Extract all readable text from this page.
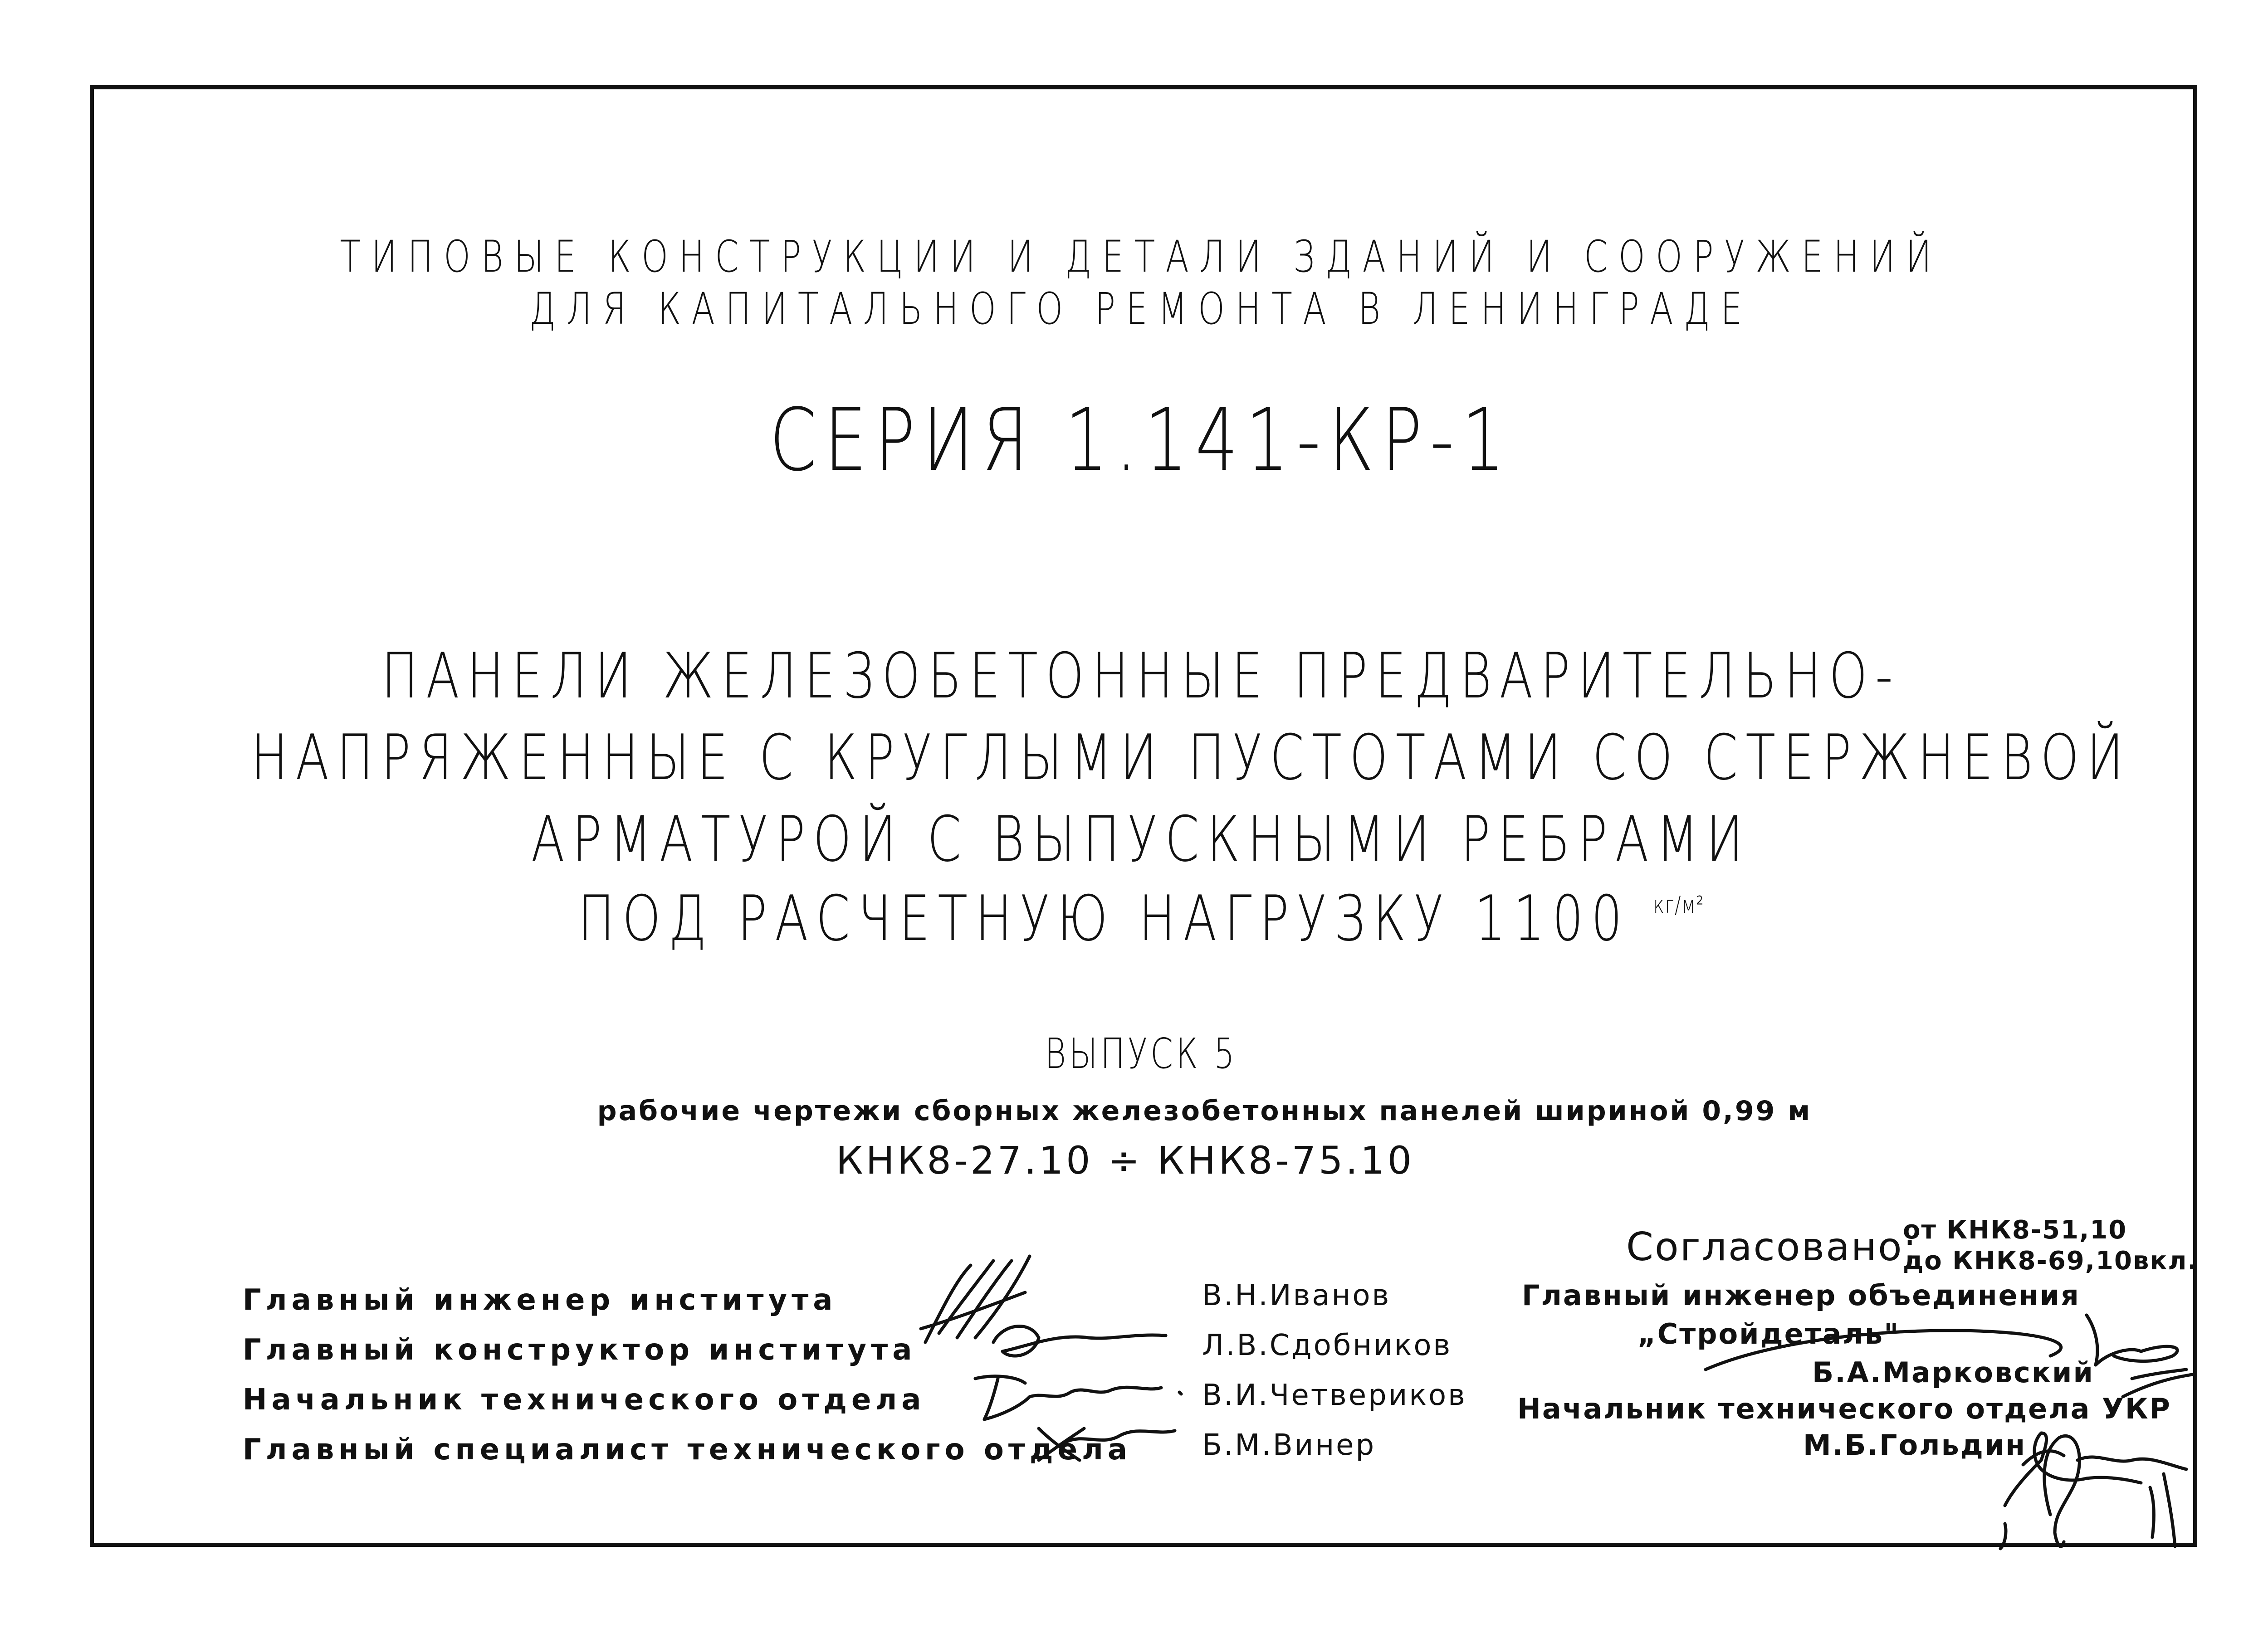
ТИПОВЫЕ КОНСТРУКЦИИ И ДЕТАЛИ ЗДАНИЙ И СООРУЖЕНИЙ
ДЛЯ КАПИТАЛЬНОГО РЕМОНТА В ЛЕНИНГРАДЕ
СЕРИЯ 1.141-КР-1
ПАНЕЛИ ЖЕЛЕЗОБЕТОННЫЕ ПРЕДВАРИТЕЛЬНО-
НАПРЯЖЕННЫЕ С КРУГЛЫМИ ПУСТОТАМИ СО СТЕРЖНЕВОЙ
АРМАТУРОЙ С ВЫПУСКНЫМИ РЕБРАМИ
ПОД РАСЧЕТНУЮ НАГРУЗКУ 1100 $^{кг/м^2}$
ВЫПУСК 5
рабочие чертежи сборных железобетонных панелей шириной 0,99 м
КНК8-27.10 ÷ КНК8-75.10
Главный инженер института
Главный конструктор института
Начальник технического отдела
Главный специалист технического отдела
В.Н.Иванов
Л.В.Сдобников
В.И.Четвериков
Б.М.Винер
Согласовано:
от КНК8-51,10
до КНК8-69,10вкл.
Главный инженер объединения
„Стройдеталь"
Б.А.Марковский
Начальник технического отдела УКР
М.Б.Гольдин
